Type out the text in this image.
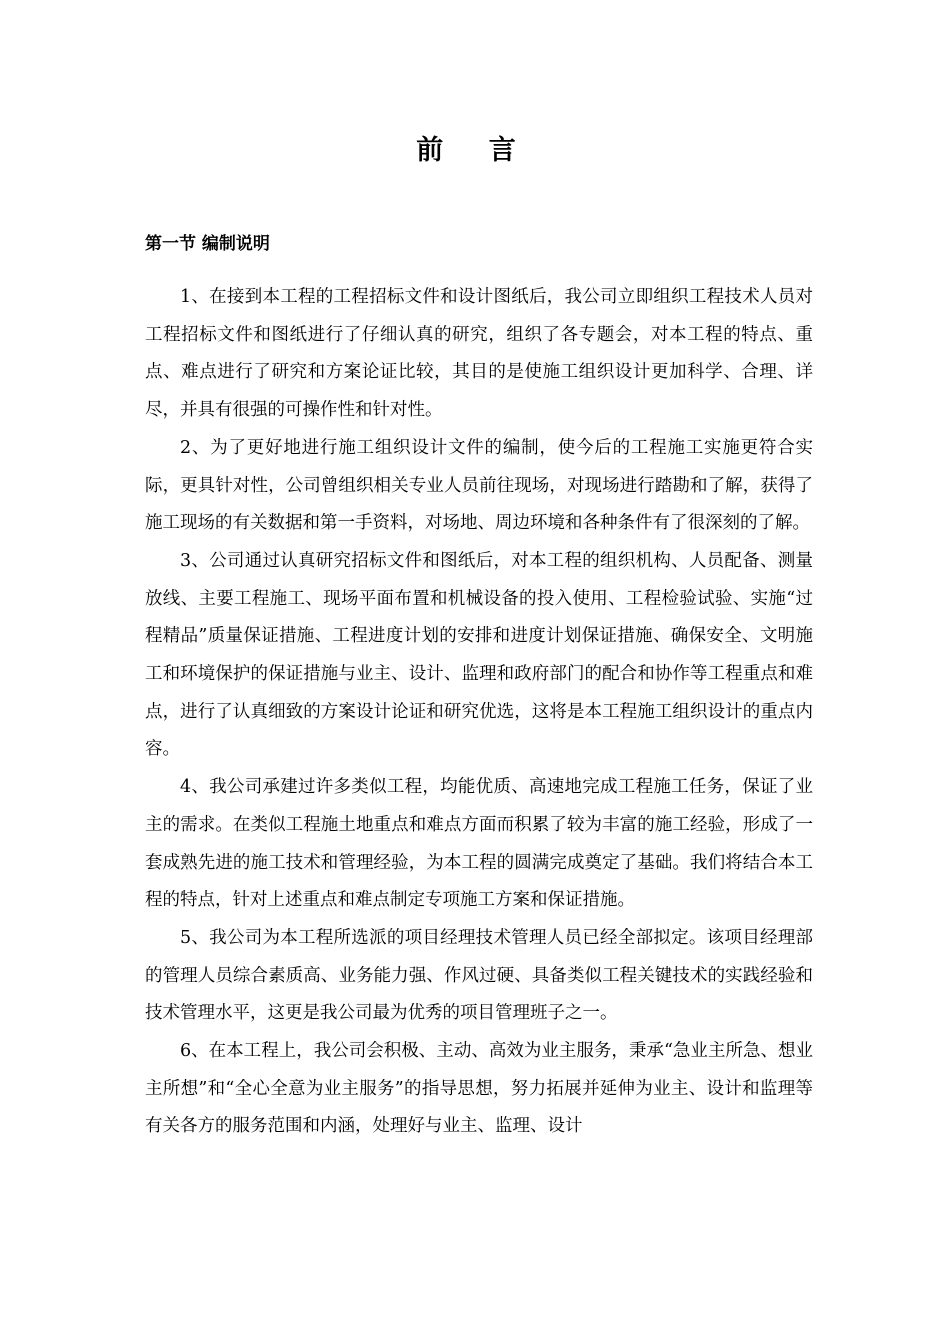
前 言
第一节 编制说明

1、在接到本工程的工程招标文件和设计图纸后，我公司立即组织工程技术人员对工程招标文件和图纸进行了仔细认真的研究，组织了各专题会，对本工程的特点、重点、难点进行了研究和方案论证比较，其目的是使施工组织设计更加科学、合理、详尽，并具有很强的可操作性和针对性。

2、为了更好地进行施工组织设计文件的编制，使今后的工程施工实施更符合实际，更具针对性，公司曾组织相关专业人员前往现场，对现场进行踏勘和了解，获得了施工现场的有关数据和第一手资料，对场地、周边环境和各种条件有了很深刻的了解。

3、公司通过认真研究招标文件和图纸后，对本工程的组织机构、人员配备、测量放线、主要工程施工、现场平面布置和机械设备的投入使用、工程检验试验、实施“过程精品”质量保证措施、工程进度计划的安排和进度计划保证措施、确保安全、文明施工和环境保护的保证措施与业主、设计、监理和政府部门的配合和协作等工程重点和难点，进行了认真细致的方案设计论证和研究优选，这将是本工程施工组织设计的重点内容。

4、我公司承建过许多类似工程，均能优质、高速地完成工程施工任务，保证了业主的需求。在类似工程施土地重点和难点方面而积累了较为丰富的施工经验，形成了一套成熟先进的施工技术和管理经验，为本工程的圆满完成奠定了基础。我们将结合本工程的特点，针对上述重点和难点制定专项施工方案和保证措施。

5、我公司为本工程所选派的项目经理技术管理人员已经全部拟定。该项目经理部的管理人员综合素质高、业务能力强、作风过硬、具备类似工程关键技术的实践经验和技术管理水平，这更是我公司最为优秀的项目管理班子之一。

6、在本工程上，我公司会积极、主动、高效为业主服务，秉承“急业主所急、想业主所想”和“全心全意为业主服务”的指导思想，努力拓展并延伸为业主、设计和监理等有关各方的服务范围和内涵，处理好与业主、监理、设计
